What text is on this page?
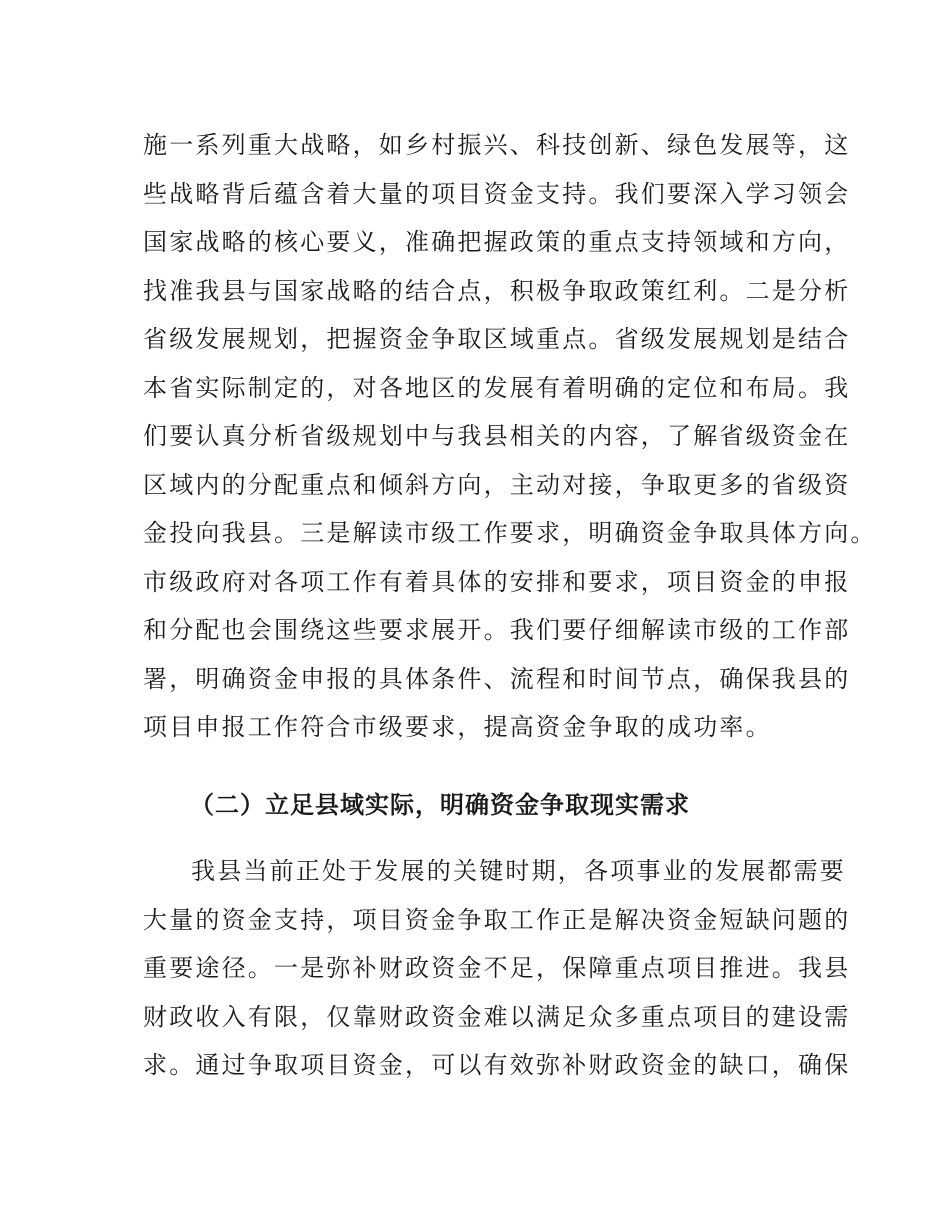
施一系列重大战略，如乡村振兴、科技创新、绿色发展等，这
些战略背后蕴含着大量的项目资金支持。我们要深入学习领会
国家战略的核心要义，准确把握政策的重点支持领域和方向，
找准我县与国家战略的结合点，积极争取政策红利。二是分析
省级发展规划，把握资金争取区域重点。省级发展规划是结合
本省实际制定的，对各地区的发展有着明确的定位和布局。我
们要认真分析省级规划中与我县相关的内容，了解省级资金在
区域内的分配重点和倾斜方向，主动对接，争取更多的省级资
金投向我县。三是解读市级工作要求，明确资金争取具体方向。
市级政府对各项工作有着具体的安排和要求，项目资金的申报
和分配也会围绕这些要求展开。我们要仔细解读市级的工作部
署，明确资金申报的具体条件、流程和时间节点，确保我县的
项目申报工作符合市级要求，提高资金争取的成功率。
（二）立足县域实际，明确资金争取现实需求
我县当前正处于发展的关键时期，各项事业的发展都需要
大量的资金支持，项目资金争取工作正是解决资金短缺问题的
重要途径。一是弥补财政资金不足，保障重点项目推进。我县
财政收入有限，仅靠财政资金难以满足众多重点项目的建设需
求。通过争取项目资金，可以有效弥补财政资金的缺口，确保
